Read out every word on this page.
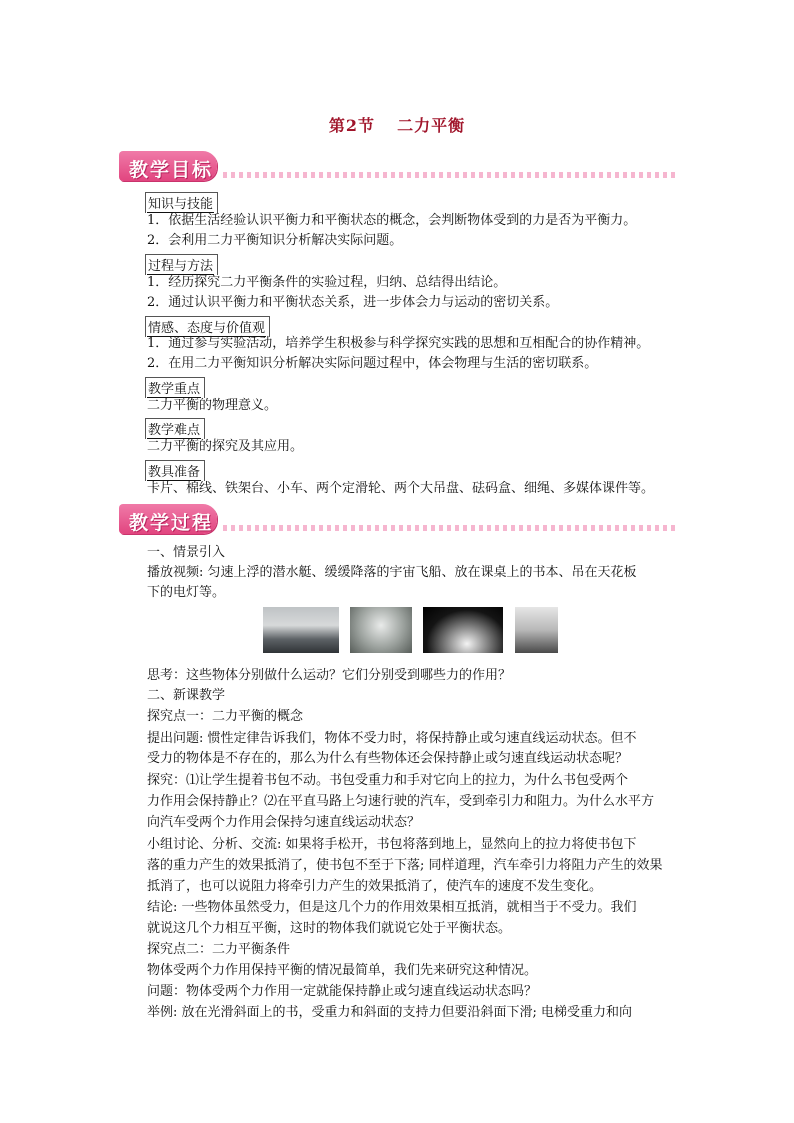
第2节 二力平衡
教学目标
知识与技能
1．依据生活经验认识平衡力和平衡状态的概念，会判断物体受到的力是否为平衡力。
2．会利用二力平衡知识分析解决实际问题。
过程与方法
1．经历探究二力平衡条件的实验过程，归纳、总结得出结论。
2．通过认识平衡力和平衡状态关系，进一步体会力与运动的密切关系。
情感、态度与价值观
1．通过参与实验活动，培养学生积极参与科学探究实践的思想和互相配合的协作精神。
2．在用二力平衡知识分析解决实际问题过程中，体会物理与生活的密切联系。
教学重点
二力平衡的物理意义。
教学难点
二力平衡的探究及其应用。
教具准备
卡片、棉线、铁架台、小车、两个定滑轮、两个大吊盘、砝码盒、细绳、多媒体课件等。
教学过程
一、情景引入
播放视频: 匀速上浮的潜水艇、缓缓降落的宇宙飞船、放在课桌上的书本、吊在天花板
下的电灯等。
思考：这些物体分别做什么运动？它们分别受到哪些力的作用？
二、新课教学
探究点一：二力平衡的概念
提出问题: 惯性定律告诉我们，物体不受力时，将保持静止或匀速直线运动状态。但不
受力的物体是不存在的，那么为什么有些物体还会保持静止或匀速直线运动状态呢？
探究：⑴让学生提着书包不动。书包受重力和手对它向上的拉力，为什么书包受两个
力作用会保持静止？⑵在平直马路上匀速行驶的汽车，受到牵引力和阻力。为什么水平方
向汽车受两个力作用会保持匀速直线运动状态？
小组讨论、分析、交流: 如果将手松开，书包将落到地上，显然向上的拉力将使书包下
落的重力产生的效果抵消了，使书包不至于下落; 同样道理，汽车牵引力将阻力产生的效果
抵消了，也可以说阻力将牵引力产生的效果抵消了，使汽车的速度不发生变化。
结论: 一些物体虽然受力，但是这几个力的作用效果相互抵消，就相当于不受力。我们
就说这几个力相互平衡，这时的物体我们就说它处于平衡状态。
探究点二：二力平衡条件
物体受两个力作用保持平衡的情况最简单，我们先来研究这种情况。
问题：物体受两个力作用一定就能保持静止或匀速直线运动状态吗？
举例: 放在光滑斜面上的书，受重力和斜面的支持力但要沿斜面下滑; 电梯受重力和向
